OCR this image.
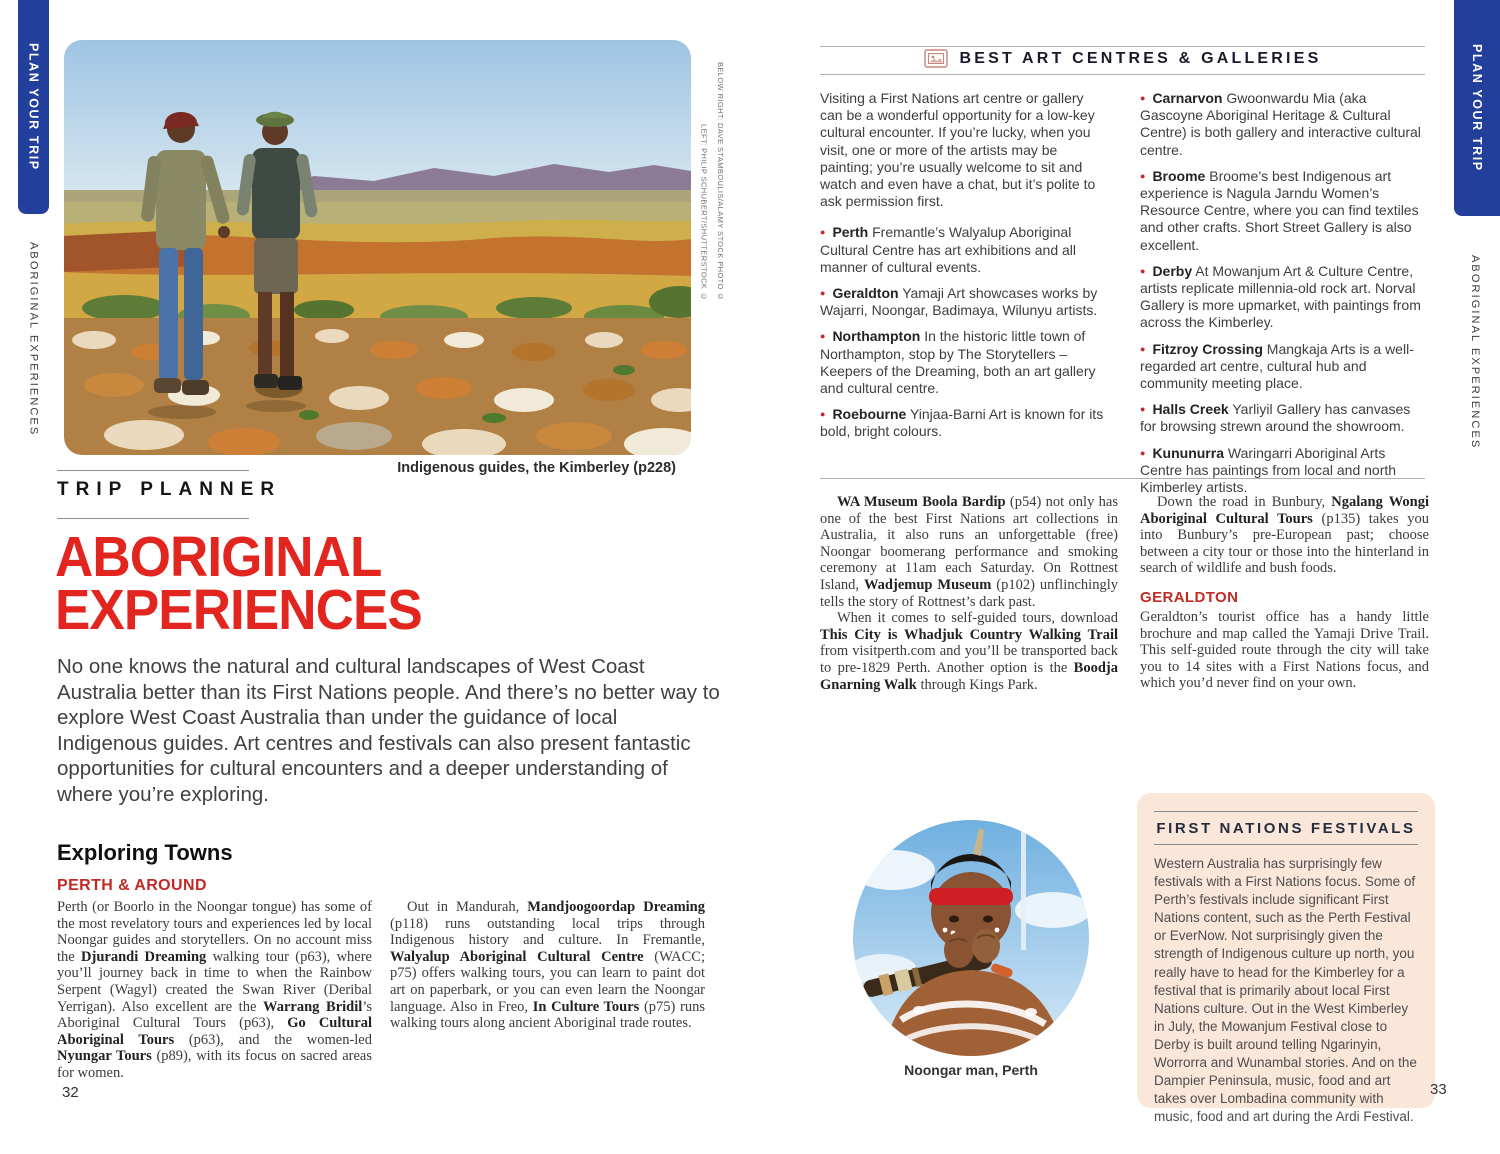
PLAN YOUR TRIP
ABORIGINAL EXPERIENCES
LEFT: PHILIP SCHUBERT/SHUTTERSTOCK © BELOW RIGHT: DAVE STAMBOULIS/ALAMY STOCK PHOTO ©
Indigenous guides, the Kimberley (p228)
TRIP PLANNER
ABORIGINAL
EXPERIENCES
No one knows the natural and cultural landscapes of West Coast Australia better than its First Nations people. And there’s no better way to explore West Coast Australia than under the guidance of local Indigenous guides. Art centres and festivals can also present fantastic opportunities for cultural encounters and a deeper understanding of where you’re exploring.
Exploring Towns
PERTH & AROUND

Perth (or Boorlo in the Noongar tongue) has some of the most revelatory tours and experiences led by local Noongar guides and storytellers. On no account miss the Djurandi Dreaming walking tour (p63), where you’ll journey back in time to when the Rainbow Serpent (Wagyl) created the Swan River (Deribal Yerrigan). Also excellent are the Warrang Bridil’s Aboriginal Cultural Tours (p63), Go Cultural Aboriginal Tours (p63), and the women-led Nyungar Tours (p89), with its focus on sacred areas for women.

Out in Mandurah, Mandjoogoordap Dreaming (p118) runs outstanding local trips through Indigenous history and culture. In Fremantle, Walyalup Aboriginal Cultural Centre (WACC; p75) offers walking tours, you can learn to paint dot art on paperbark, or you can even learn the Noongar language. Also in Freo, In Culture Tours (p75) runs walking tours along ancient Aboriginal trade routes.

32
BEST ART CENTRES & GALLERIES

Visiting a First Nations art centre or gallery can be a wonderful opportunity for a low-key cultural encounter. If you’re lucky, when you visit, one or more of the artists may be painting; you’re usually welcome to sit and watch and even have a chat, but it’s polite to ask permission first.

● Perth Fremantle’s Walyalup Aboriginal Cultural Centre has art exhibitions and all manner of cultural events.

● Geraldton Yamaji Art showcases works by Wajarri, Noongar, Badimaya, Wilunyu artists.

● Northampton In the historic little town of Northampton, stop by The Storytellers – Keepers of the Dreaming, both an art gallery and cultural centre.

● Roebourne Yinjaa-Barni Art is known for its bold, bright colours.

● Carnarvon Gwoonwardu Mia (aka Gascoyne Aboriginal Heritage & Cultural Centre) is both gallery and interactive cultural centre.

● Broome Broome’s best Indigenous art experience is Nagula Jarndu Women’s Resource Centre, where you can find textiles and other crafts. Short Street Gallery is also excellent.

● Derby At Mowanjum Art & Culture Centre, artists replicate millennia-old rock art. Norval Gallery is more upmarket, with paintings from across the Kimberley.

● Fitzroy Crossing Mangkaja Arts is a well-regarded art centre, cultural hub and community meeting place.

● Halls Creek Yarliyil Gallery has canvases for browsing strewn around the showroom.

● Kununurra Waringarri Aboriginal Arts Centre has paintings from local and north Kimberley artists.

WA Museum Boola Bardip (p54) not only has one of the best First Nations art collections in Australia, it also runs an unforgettable (free) Noongar boomerang performance and smoking ceremony at 11am each Saturday. On Rottnest Island, Wadjemup Museum (p102) unflinchingly tells the story of Rottnest’s dark past.

When it comes to self-guided tours, download This City is Whadjuk Country Walking Trail from visitperth.com and you’ll be transported back to pre-1829 Perth. Another option is the Boodja Gnarning Walk through Kings Park.

Down the road in Bunbury, Ngalang Wongi Aboriginal Cultural Tours (p135) takes you into Bunbury’s pre-European past; choose between a city tour or those into the hinterland in search of wildlife and bush foods.

GERALDTON

Geraldton’s tourist office has a handy little brochure and map called the Yamaji Drive Trail. This self-guided route through the city will take you to 14 sites with a First Nations focus, and which you’d never find on your own.

Noongar man, Perth
FIRST NATIONS FESTIVALS

Western Australia has surprisingly few festivals with a First Nations focus. Some of Perth’s festivals include significant First Nations content, such as the Perth Festival or EverNow. Not surprisingly given the strength of Indigenous culture up north, you really have to head for the Kimberley for a festival that is primarily about local First Nations culture. Out in the West Kimberley in July, the Mowanjum Festival close to Derby is built around telling Ngarinyin, Worrorra and Wunambal stories. And on the Dampier Peninsula, music, food and art takes over Lombadina community with music, food and art during the Ardi Festival.

PLAN YOUR TRIP
ABORIGINAL EXPERIENCES
33
